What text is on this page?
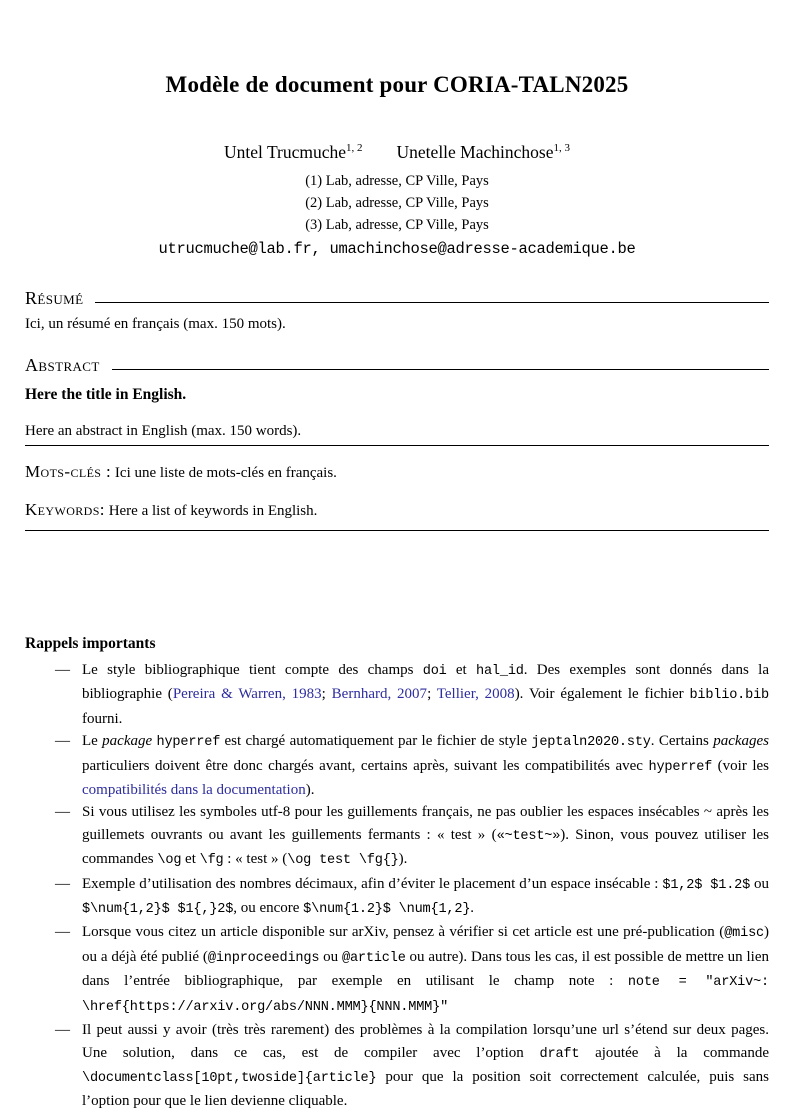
Modèle de document pour CORIA-TALN2025
Untel Trucmuche$^{1, 2}$ Unetelle Machinchose$^{1, 3}$
(1) Lab, adresse, CP Ville, Pays
(2) Lab, adresse, CP Ville, Pays
(3) Lab, adresse, CP Ville, Pays
utrucmuche@lab.fr, umachinchose@adresse-academique.be
Résumé

Ici, un résumé en français (max. 150 mots).

Abstract

Here the title in English.

Here an abstract in English (max. 150 words).

Mots-clés : Ici une liste de mots-clés en français.

Keywords: Here a list of keywords in English.

Rappels importants

— Le style bibliographique tient compte des champs doi et hal_id. Des exemples sont donnés dans la bibliographie (Pereira & Warren, 1983; Bernhard, 2007; Tellier, 2008). Voir également le fichier biblio.bib fourni.
— Le package hyperref est chargé automatiquement par le fichier de style jeptaln2020.sty. Certains packages particuliers doivent être donc chargés avant, certains après, suivant les compatibilités avec hyperref (voir les compatibilités dans la documentation).
— Si vous utilisez les symboles utf-8 pour les guillements français, ne pas oublier les espaces insécables ~ après les guillemets ouvrants ou avant les guillements fermants : « test » («~test~»). Sinon, vous pouvez utiliser les commandes \og et \fg : « test » (\og test \fg{}).
— Exemple d’utilisation des nombres décimaux, afin d’éviter le placement d’un espace insécable : $1,2$ $1.2$ ou $\num{1,2}$ $1{,}2$, ou encore $\num{1.2}$ \num{1,2}.
— Lorsque vous citez un article disponible sur arXiv, pensez à vérifier si cet article est une pré-publication (@misc) ou a déjà été publié (@inproceedings ou @article ou autre). Dans tous les cas, il est possible de mettre un lien dans l’entrée bibliographique, par exemple en utilisant le champ note : note = "arXiv~: \href{https://arxiv.org/abs/NNN.MMM}{NNN.MMM}"
— Il peut aussi y avoir (très très rarement) des problèmes à la compilation lorsqu’une url s’étend sur deux pages. Une solution, dans ce cas, est de compiler avec l’option draft ajoutée à la commande \documentclass[10pt,twoside]{article} pour que la position soit correctement calculée, puis sans l’option pour que le lien devienne cliquable.
